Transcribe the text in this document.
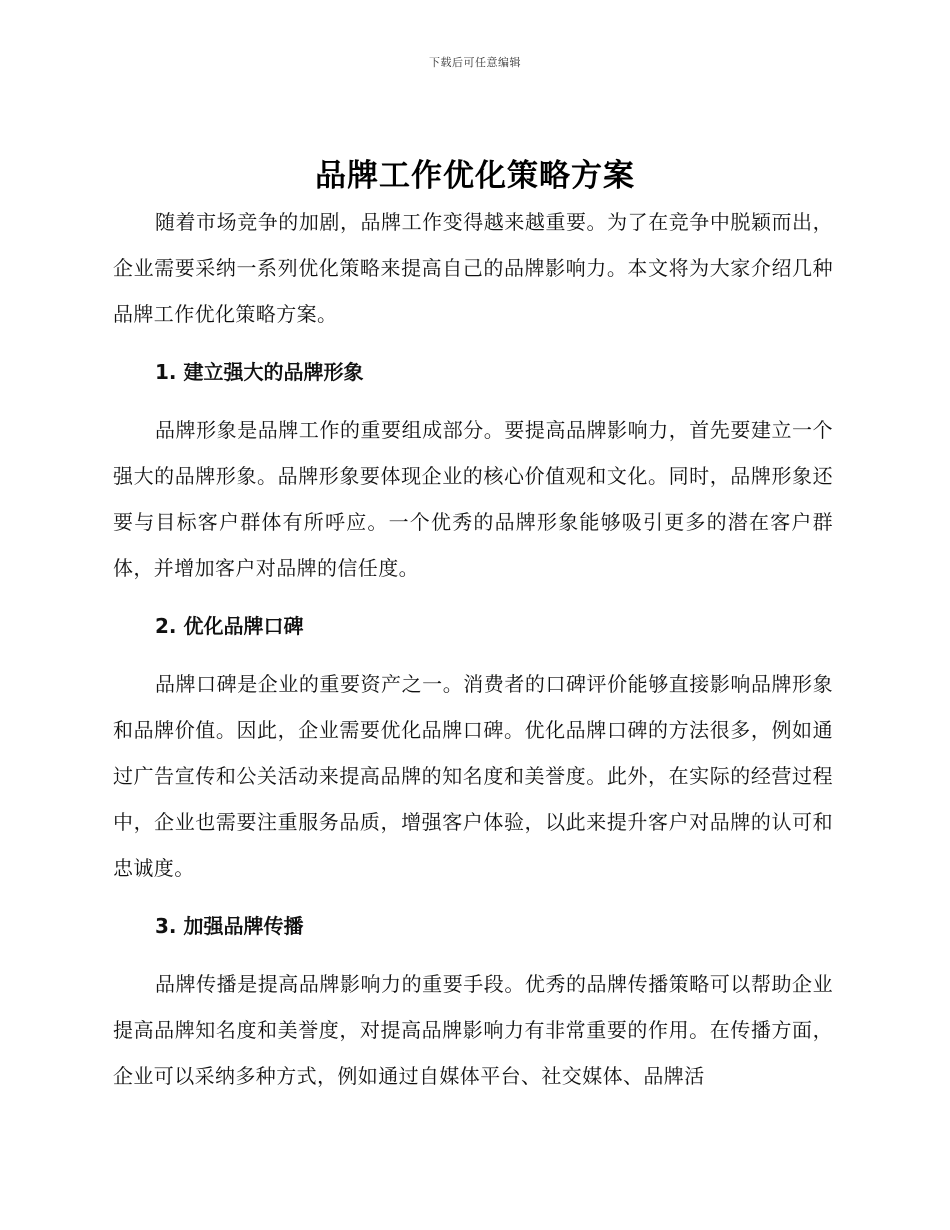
下载后可任意编辑
品牌工作优化策略方案

随着市场竞争的加剧，品牌工作变得越来越重要。为了在竞争中脱颖而出，企业需要采纳一系列优化策略来提高自己的品牌影响力。本文将为大家介绍几种品牌工作优化策略方案。

1. 建立强大的品牌形象

品牌形象是品牌工作的重要组成部分。要提高品牌影响力，首先要建立一个强大的品牌形象。品牌形象要体现企业的核心价值观和文化。同时，品牌形象还要与目标客户群体有所呼应。一个优秀的品牌形象能够吸引更多的潜在客户群体，并增加客户对品牌的信任度。

2. 优化品牌口碑

品牌口碑是企业的重要资产之一。消费者的口碑评价能够直接影响品牌形象和品牌价值。因此，企业需要优化品牌口碑。优化品牌口碑的方法很多，例如通过广告宣传和公关活动来提高品牌的知名度和美誉度。此外，在实际的经营过程中，企业也需要注重服务品质，增强客户体验，以此来提升客户对品牌的认可和忠诚度。

3. 加强品牌传播

品牌传播是提高品牌影响力的重要手段。优秀的品牌传播策略可以帮助企业提高品牌知名度和美誉度，对提高品牌影响力有非常重要的作用。在传播方面，企业可以采纳多种方式，例如通过自媒体平台、社交媒体、品牌活
